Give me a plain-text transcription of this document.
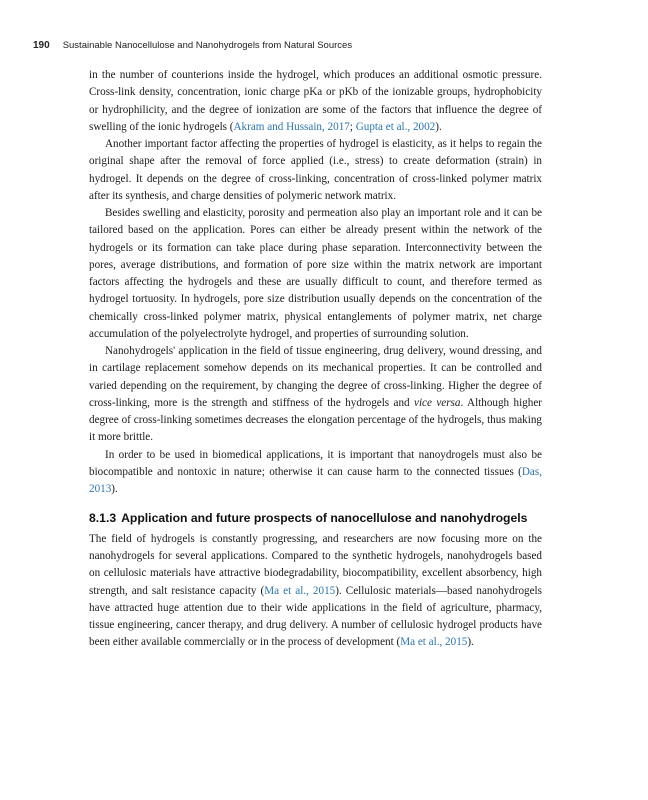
190 Sustainable Nanocellulose and Nanohydrogels from Natural Sources

in the number of counterions inside the hydrogel, which produces an additional osmotic pressure. Cross-link density, concentration, ionic charge pKa or pKb of the ionizable groups, hydrophobicity or hydrophilicity, and the degree of ionization are some of the factors that influence the degree of swelling of the ionic hydrogels (Akram and Hussain, 2017; Gupta et al., 2002).

Another important factor affecting the properties of hydrogel is elasticity, as it helps to regain the original shape after the removal of force applied (i.e., stress) to create deformation (strain) in hydrogel. It depends on the degree of cross-linking, concentration of cross-linked polymer matrix after its synthesis, and charge densities of polymeric network matrix.

Besides swelling and elasticity, porosity and permeation also play an important role and it can be tailored based on the application. Pores can either be already present within the network of the hydrogels or its formation can take place during phase separation. Interconnectivity between the pores, average distributions, and formation of pore size within the matrix network are important factors affecting the hydrogels and these are usually difficult to count, and therefore termed as hydrogel tortuosity. In hydrogels, pore size distribution usually depends on the concentration of the chemically cross-linked polymer matrix, physical entanglements of polymer matrix, net charge accumulation of the polyelectrolyte hydrogel, and properties of surrounding solution.

Nanohydrogels' application in the field of tissue engineering, drug delivery, wound dressing, and in cartilage replacement somehow depends on its mechanical properties. It can be controlled and varied depending on the requirement, by changing the degree of cross-linking. Higher the degree of cross-linking, more is the strength and stiffness of the hydrogels and vice versa. Although higher degree of cross-linking sometimes decreases the elongation percentage of the hydrogels, thus making it more brittle.

In order to be used in biomedical applications, it is important that nanoydrogels must also be biocompatible and nontoxic in nature; otherwise it can cause harm to the connected tissues (Das, 2013).

8.1.3 Application and future prospects of nanocellulose and nanohydrogels

The field of hydrogels is constantly progressing, and researchers are now focusing more on the nanohydrogels for several applications. Compared to the synthetic hydrogels, nanohydrogels based on cellulosic materials have attractive biodegradability, biocompatibility, excellent absorbency, high strength, and salt resistance capacity (Ma et al., 2015). Cellulosic materials—based nanohydrogels have attracted huge attention due to their wide applications in the field of agriculture, pharmacy, tissue engineering, cancer therapy, and drug delivery. A number of cellulosic hydrogel products have been either available commercially or in the process of development (Ma et al., 2015).
